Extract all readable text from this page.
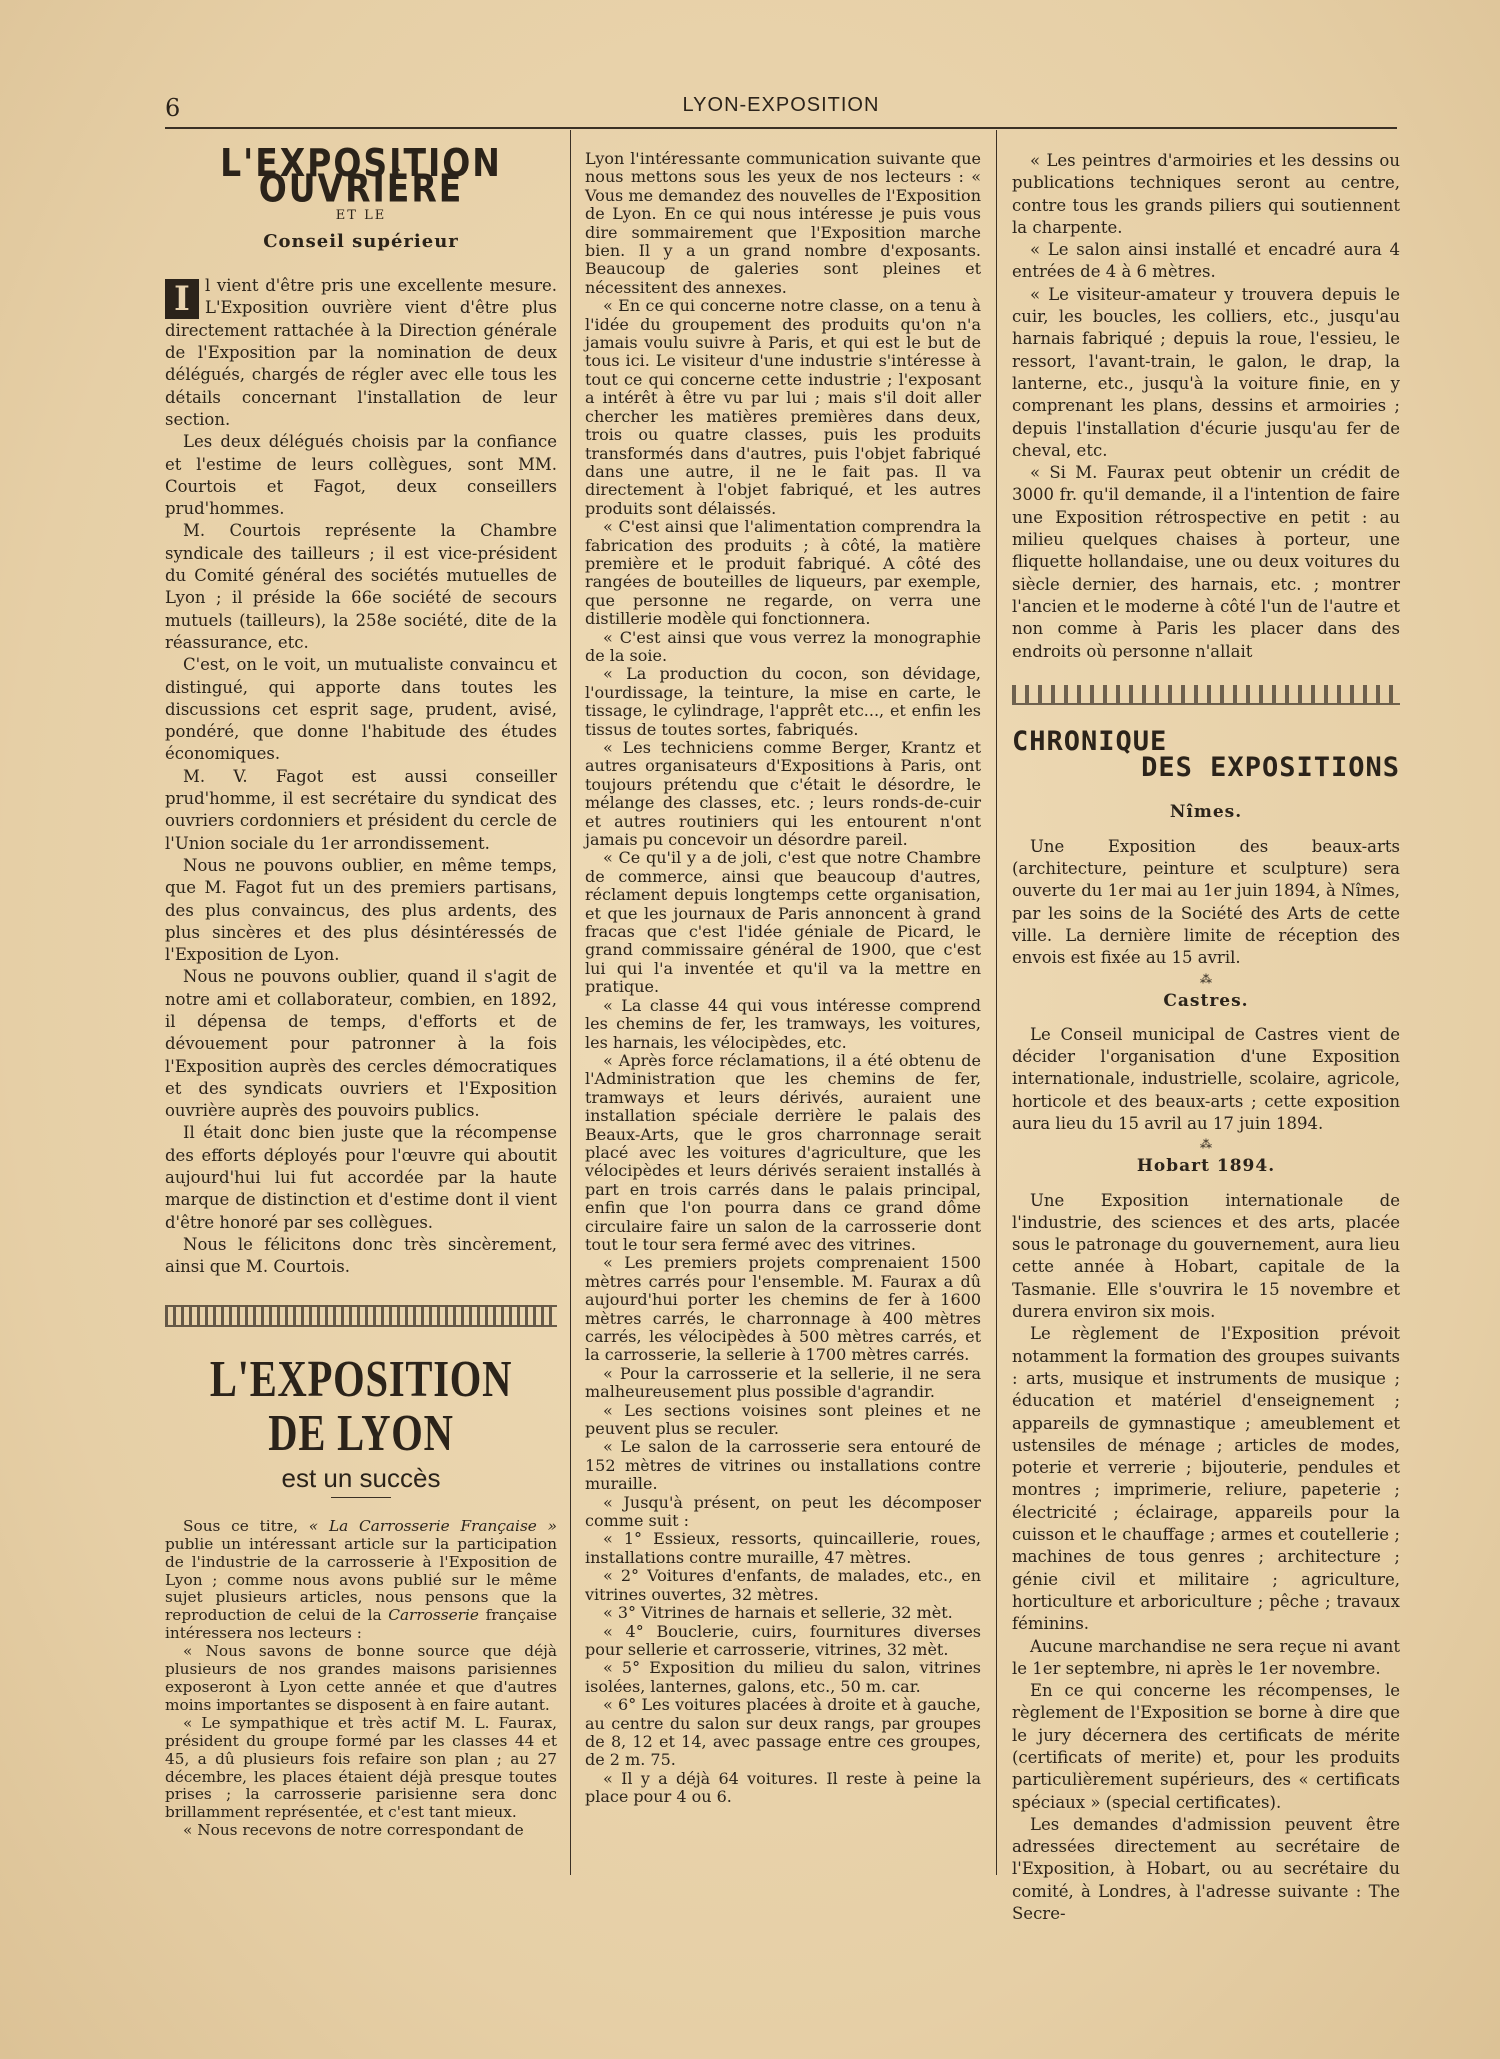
6	LYON-EXPOSITION
L'EXPOSITION OUVRIÈRE
ET LE
Conseil supérieur

I l vient d'être pris une excellente mesure. L'Exposition ouvrière vient d'être plus directement rattachée à la Direction générale de l'Exposition par la nomination de deux délégués, chargés de régler avec elle tous les détails concernant l'installation de leur section.

Les deux délégués choisis par la confiance et l'estime de leurs collègues, sont MM. Courtois et Fagot, deux conseillers prud'hommes.

M. Courtois représente la Chambre syndicale des tailleurs ; il est vice-président du Comité général des sociétés mutuelles de Lyon ; il préside la 66e société de secours mutuels (tailleurs), la 258e société, dite de la réassurance, etc.

C'est, on le voit, un mutualiste convaincu et distingué, qui apporte dans toutes les discussions cet esprit sage, prudent, avisé, pondéré, que donne l'habitude des études économiques.

M. V. Fagot est aussi conseiller prud'homme, il est secrétaire du syndicat des ouvriers cordonniers et président du cercle de l'Union sociale du 1er arrondissement.

Nous ne pouvons oublier, en même temps, que M. Fagot fut un des premiers partisans, des plus convaincus, des plus ardents, des plus sincères et des plus désintéressés de l'Exposition de Lyon.

Nous ne pouvons oublier, quand il s'agit de notre ami et collaborateur, combien, en 1892, il dépensa de temps, d'efforts et de dévouement pour patronner à la fois l'Exposition auprès des cercles démocratiques et des syndicats ouvriers et l'Exposition ouvrière auprès des pouvoirs publics.

Il était donc bien juste que la récompense des efforts déployés pour l'œuvre qui aboutit aujourd'hui lui fut accordée par la haute marque de distinction et d'estime dont il vient d'être honoré par ses collègues.

Nous le félicitons donc très sincèrement, ainsi que M. Courtois.

L'EXPOSITION DE LYON
est un succès

Sous ce titre, « La Carrosserie Française » publie un intéressant article sur la participation de l'industrie de la carrosserie à l'Exposition de Lyon ; comme nous avons publié sur le même sujet plusieurs articles, nous pensons que la reproduction de celui de la Carrosserie française intéressera nos lecteurs :

« Nous savons de bonne source que déjà plusieurs de nos grandes maisons parisiennes exposeront à Lyon cette année et que d'autres moins importantes se disposent à en faire autant.

« Le sympathique et très actif M. L. Faurax, président du groupe formé par les classes 44 et 45, a dû plusieurs fois refaire son plan ; au 27 décembre, les places étaient déjà presque toutes prises ; la carrosserie parisienne sera donc brillamment représentée, et c'est tant mieux.

« Nous recevons de notre correspondant de

Lyon l'intéressante communication suivante que nous mettons sous les yeux de nos lecteurs : « Vous me demandez des nouvelles de l'Exposition de Lyon. En ce qui nous intéresse je puis vous dire sommairement que l'Exposition marche bien. Il y a un grand nombre d'exposants. Beaucoup de galeries sont pleines et nécessitent des annexes.

« En ce qui concerne notre classe, on a tenu à l'idée du groupement des produits qu'on n'a jamais voulu suivre à Paris, et qui est le but de tous ici. Le visiteur d'une industrie s'intéresse à tout ce qui concerne cette industrie ; l'exposant a intérêt à être vu par lui ; mais s'il doit aller chercher les matières premières dans deux, trois ou quatre classes, puis les produits transformés dans d'autres, puis l'objet fabriqué dans une autre, il ne le fait pas. Il va directement à l'objet fabriqué, et les autres produits sont délaissés.

« C'est ainsi que l'alimentation comprendra la fabrication des produits ; à côté, la matière première et le produit fabriqué. A côté des rangées de bouteilles de liqueurs, par exemple, que personne ne regarde, on verra une distillerie modèle qui fonctionnera.

« C'est ainsi que vous verrez la monographie de la soie.

« La production du cocon, son dévidage, l'ourdissage, la teinture, la mise en carte, le tissage, le cylindrage, l'apprêt etc..., et enfin les tissus de toutes sortes, fabriqués.

« Les techniciens comme Berger, Krantz et autres organisateurs d'Expositions à Paris, ont toujours prétendu que c'était le désordre, le mélange des classes, etc. ; leurs ronds-de-cuir et autres routiniers qui les entourent n'ont jamais pu concevoir un désordre pareil.

« Ce qu'il y a de joli, c'est que notre Chambre de commerce, ainsi que beaucoup d'autres, réclament depuis longtemps cette organisation, et que les journaux de Paris annoncent à grand fracas que c'est l'idée géniale de Picard, le grand commissaire général de 1900, que c'est lui qui l'a inventée et qu'il va la mettre en pratique.

« La classe 44 qui vous intéresse comprend les chemins de fer, les tramways, les voitures, les harnais, les vélocipèdes, etc.

« Après force réclamations, il a été obtenu de l'Administration que les chemins de fer, tramways et leurs dérivés, auraient une installation spéciale derrière le palais des Beaux-Arts, que le gros charronnage serait placé avec les voitures d'agriculture, que les vélocipèdes et leurs dérivés seraient installés à part en trois carrés dans le palais principal, enfin que l'on pourra dans ce grand dôme circulaire faire un salon de la carrosserie dont tout le tour sera fermé avec des vitrines.

« Les premiers projets comprenaient 1500 mètres carrés pour l'ensemble. M. Faurax a dû aujourd'hui porter les chemins de fer à 1600 mètres carrés, le charronnage à 400 mètres carrés, les vélocipèdes à 500 mètres carrés, et la carrosserie, la sellerie à 1700 mètres carrés.

« Pour la carrosserie et la sellerie, il ne sera malheureusement plus possible d'agrandir.

« Les sections voisines sont pleines et ne peuvent plus se reculer.

« Le salon de la carrosserie sera entouré de 152 mètres de vitrines ou installations contre muraille.

« Jusqu'à présent, on peut les décomposer comme suit :

« 1° Essieux, ressorts, quincaillerie, roues, installations contre muraille, 47 mètres.

« 2° Voitures d'enfants, de malades, etc., en vitrines ouvertes, 32 mètres.

« 3° Vitrines de harnais et sellerie, 32 mèt.

« 4° Bouclerie, cuirs, fournitures diverses pour sellerie et carrosserie, vitrines, 32 mèt.

« 5° Exposition du milieu du salon, vitrines isolées, lanternes, galons, etc., 50 m. car.

« 6° Les voitures placées à droite et à gauche, au centre du salon sur deux rangs, par groupes de 8, 12 et 14, avec passage entre ces groupes, de 2 m. 75.

« Il y a déjà 64 voitures. Il reste à peine la place pour 4 ou 6.

« Les peintres d'armoiries et les dessins ou publications techniques seront au centre, contre tous les grands piliers qui soutiennent la charpente.

« Le salon ainsi installé et encadré aura 4 entrées de 4 à 6 mètres.

« Le visiteur-amateur y trouvera depuis le cuir, les boucles, les colliers, etc., jusqu'au harnais fabriqué ; depuis la roue, l'essieu, le ressort, l'avant-train, le galon, le drap, la lanterne, etc., jusqu'à la voiture finie, en y comprenant les plans, dessins et armoiries ; depuis l'installation d'écurie jusqu'au fer de cheval, etc.

« Si M. Faurax peut obtenir un crédit de 3000 fr. qu'il demande, il a l'intention de faire une Exposition rétrospective en petit : au milieu quelques chaises à porteur, une fliquette hollandaise, une ou deux voitures du siècle dernier, des harnais, etc. ; montrer l'ancien et le moderne à côté l'un de l'autre et non comme à Paris les placer dans des endroits où personne n'allait

CHRONIQUE
DES EXPOSITIONS
Nîmes.

Une Exposition des beaux-arts (architecture, peinture et sculpture) sera ouverte du 1er mai au 1er juin 1894, à Nîmes, par les soins de la Société des Arts de cette ville. La dernière limite de réception des envois est fixée au 15 avril.

⁂
Castres.

Le Conseil municipal de Castres vient de décider l'organisation d'une Exposition internationale, industrielle, scolaire, agricole, horticole et des beaux-arts ; cette exposition aura lieu du 15 avril au 17 juin 1894.

⁂
Hobart 1894.

Une Exposition internationale de l'industrie, des sciences et des arts, placée sous le patronage du gouvernement, aura lieu cette année à Hobart, capitale de la Tasmanie. Elle s'ouvrira le 15 novembre et durera environ six mois.

Le règlement de l'Exposition prévoit notamment la formation des groupes suivants : arts, musique et instruments de musique ; éducation et matériel d'enseignement ; appareils de gymnastique ; ameublement et ustensiles de ménage ; articles de modes, poterie et verrerie ; bijouterie, pendules et montres ; imprimerie, reliure, papeterie ; électricité ; éclairage, appareils pour la cuisson et le chauffage ; armes et coutellerie ; machines de tous genres ; architecture ; génie civil et militaire ; agriculture, horticulture et arboriculture ; pêche ; travaux féminins.

Aucune marchandise ne sera reçue ni avant le 1er septembre, ni après le 1er novembre.

En ce qui concerne les récompenses, le règlement de l'Exposition se borne à dire que le jury décernera des certificats de mérite (certificats of merite) et, pour les produits particulièrement supérieurs, des « certificats spéciaux » (special certificates).

Les demandes d'admission peuvent être adressées directement au secrétaire de l'Exposition, à Hobart, ou au secrétaire du comité, à Londres, à l'adresse suivante : The Secre-
